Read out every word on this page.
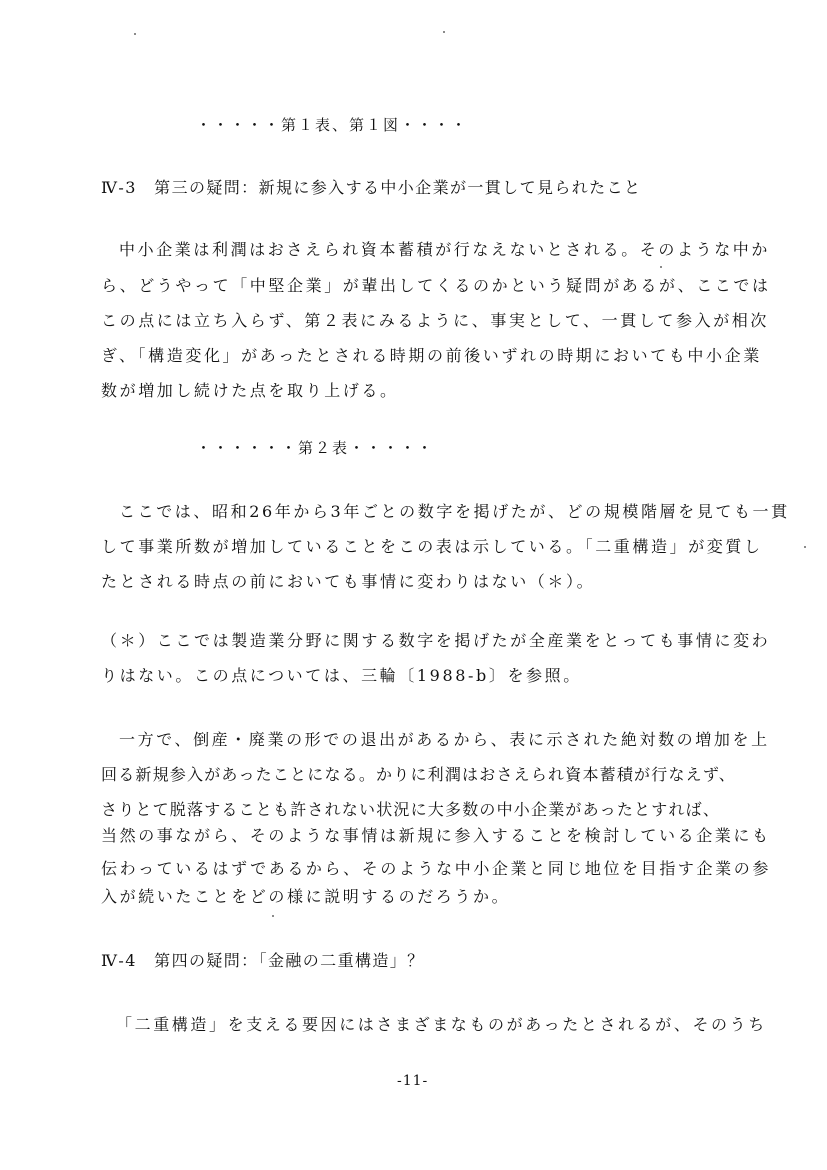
・・・・・第１表、第１図・・・・
Ⅳ-3　第三の疑問：新規に参入する中小企業が一貫して見られたこと
中小企業は利潤はおさえられ資本蓄積が行なえないとされる。そのような中か
ら、どうやって「中堅企業」が輩出してくるのかという疑問があるが、ここでは
この点には立ち入らず、第２表にみるように、事実として、一貫して参入が相次
ぎ、「構造変化」があったとされる時期の前後いずれの時期においても中小企業
数が増加し続けた点を取り上げる。
・・・・・・第２表・・・・・
ここでは、昭和26年から3年ごとの数字を掲げたが、どの規模階層を見ても一貫
して事業所数が増加していることをこの表は示している。「二重構造」が変質し
たとされる時点の前においても事情に変わりはない（＊）。
（＊）ここでは製造業分野に関する数字を掲げたが全産業をとっても事情に変わ
りはない。この点については、三輪〔1988-b〕を参照。
一方で、倒産・廃業の形での退出があるから、表に示された絶対数の増加を上
回る新規参入があったことになる。かりに利潤はおさえられ資本蓄積が行なえず、
さりとて脱落することも許されない状況に大多数の中小企業があったとすれば、
当然の事ながら、そのような事情は新規に参入することを検討している企業にも
伝わっているはずであるから、そのような中小企業と同じ地位を目指す企業の参
入が続いたことをどの様に説明するのだろうか。
Ⅳ-4　第四の疑問：「金融の二重構造」？
「二重構造」を支える要因にはさまざまなものがあったとされるが、そのうち
-11-
